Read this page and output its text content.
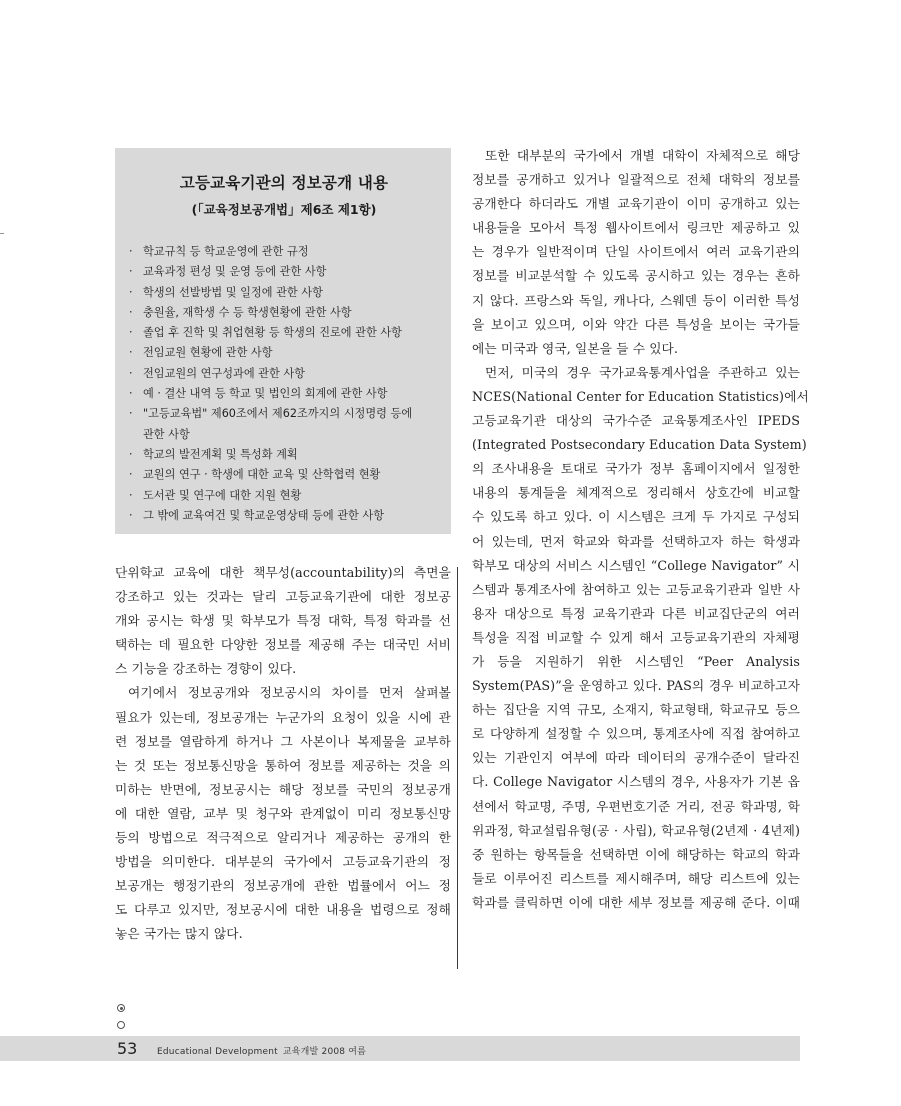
고등교육기관의 정보공개 내용
(「교육정보공개법」제6조 제1항)
· 학교규칙 등 학교운영에 관한 규정
· 교육과정 편성 및 운영 등에 관한 사항
· 학생의 선발방법 및 일정에 관한 사항
· 충원율, 재학생 수 등 학생현황에 관한 사항
· 졸업 후 진학 및 취업현황 등 학생의 진로에 관한 사항
· 전임교원 현황에 관한 사항
· 전임교원의 연구성과에 관한 사항
· 예 · 결산 내역 등 학교 및 법인의 회계에 관한 사항
· "고등교육법" 제60조에서 제62조까지의 시정명령 등에
관한 사항
· 학교의 발전계획 및 특성화 계획
· 교원의 연구 · 학생에 대한 교육 및 산학협력 현황
· 도서관 및 연구에 대한 지원 현황
· 그 밖에 교육여건 및 학교운영상태 등에 관한 사항

단위학교 교육에 대한 책무성(accountability)의 측면을

강조하고 있는 것과는 달리 고등교육기관에 대한 정보공

개와 공시는 학생 및 학부모가 특정 대학, 특정 학과를 선

택하는 데 필요한 다양한 정보를 제공해 주는 대국민 서비

스 기능을 강조하는 경향이 있다.

여기에서 정보공개와 정보공시의 차이를 먼저 살펴볼

필요가 있는데, 정보공개는 누군가의 요청이 있을 시에 관

련 정보를 열람하게 하거나 그 사본이나 복제물을 교부하

는 것 또는 정보통신망을 통하여 정보를 제공하는 것을 의

미하는 반면에, 정보공시는 해당 정보를 국민의 정보공개

에 대한 열람, 교부 및 청구와 관계없이 미리 정보통신망

등의 방법으로 적극적으로 알리거나 제공하는 공개의 한

방법을 의미한다. 대부분의 국가에서 고등교육기관의 정

보공개는 행정기관의 정보공개에 관한 법률에서 어느 정

도 다루고 있지만, 정보공시에 대한 내용을 법령으로 정해

놓은 국가는 많지 않다.

또한 대부분의 국가에서 개별 대학이 자체적으로 해당

정보를 공개하고 있거나 일괄적으로 전체 대학의 정보를

공개한다 하더라도 개별 교육기관이 이미 공개하고 있는

내용들을 모아서 특정 웹사이트에서 링크만 제공하고 있

는 경우가 일반적이며 단일 사이트에서 여러 교육기관의

정보를 비교분석할 수 있도록 공시하고 있는 경우는 흔하

지 않다. 프랑스와 독일, 캐나다, 스웨덴 등이 이러한 특성

을 보이고 있으며, 이와 약간 다른 특성을 보이는 국가들

에는 미국과 영국, 일본을 들 수 있다.

먼저, 미국의 경우 국가교육통계사업을 주관하고 있는

NCES(National Center for Education Statistics)에서

고등교육기관 대상의 국가수준 교육통계조사인 IPEDS

(Integrated Postsecondary Education Data System)

의 조사내용을 토대로 국가가 정부 홈페이지에서 일정한

내용의 통계들을 체계적으로 정리해서 상호간에 비교할

수 있도록 하고 있다. 이 시스템은 크게 두 가지로 구성되

어 있는데, 먼저 학교와 학과를 선택하고자 하는 학생과

학부모 대상의 서비스 시스템인 “College Navigator” 시

스템과 통계조사에 참여하고 있는 고등교육기관과 일반 사

용자 대상으로 특정 교육기관과 다른 비교집단군의 여러

특성을 직접 비교할 수 있게 해서 고등교육기관의 자체평

가 등을 지원하기 위한 시스템인 “Peer Analysis

System(PAS)”을 운영하고 있다. PAS의 경우 비교하고자

하는 집단을 지역 규모, 소재지, 학교형태, 학교규모 등으

로 다양하게 설정할 수 있으며, 통계조사에 직접 참여하고

있는 기관인지 여부에 따라 데이터의 공개수준이 달라진

다. College Navigator 시스템의 경우, 사용자가 기본 옵

션에서 학교명, 주명, 우편번호기준 거리, 전공 학과명, 학

위과정, 학교설립유형(공 · 사립), 학교유형(2년제 · 4년제)

중 원하는 항목들을 선택하면 이에 해당하는 학교의 학과

들로 이루어진 리스트를 제시해주며, 해당 리스트에 있는

학과를 클릭하면 이에 대한 세부 정보를 제공해 준다. 이때

53 Educational Development 교육개발 2008 여름
